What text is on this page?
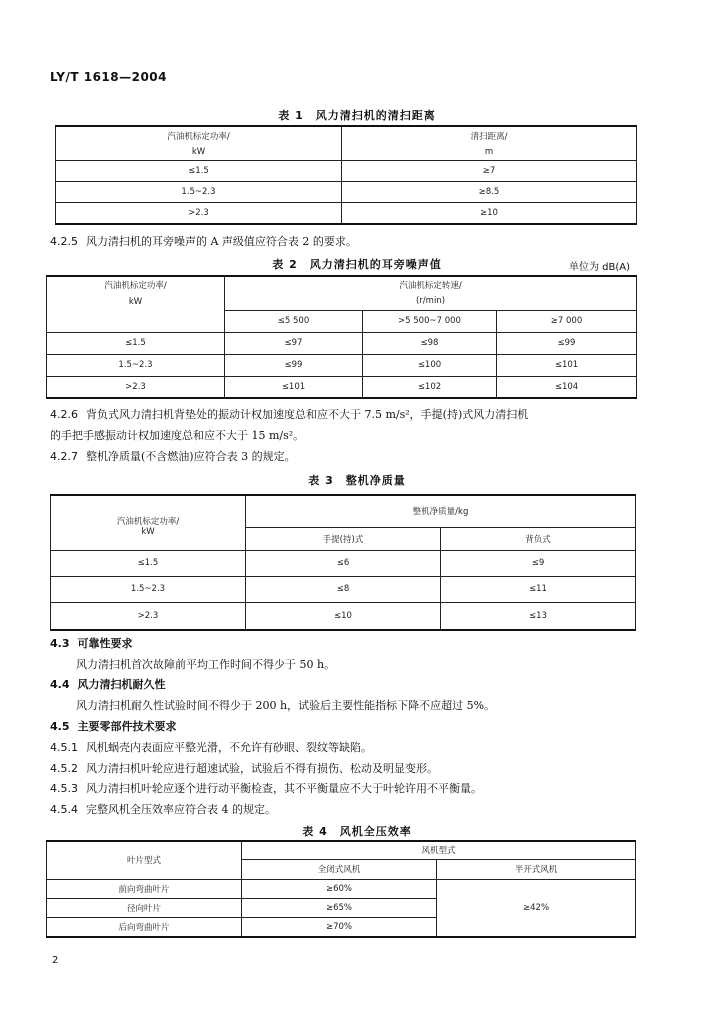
LY/T 1618—2004
表 1　风力清扫机的清扫距离
汽油机标定功率/	清扫距离/
kW	m
≤1.5	≥7
1.5~2.3	≥8.5
>2.3	≥10
4.2.5 风力清扫机的耳旁噪声的 A 声级值应符合表 2 的要求。
表 2　风力清扫机的耳旁噪声值	单位为 dB(A)
汽油机标定功率/	汽油机标定转速/		
kW	(r/min)		
	≤5 500	>5 500~7 000	≥7 000
≤1.5	≤97	≤98	≤99
1.5~2.3	≤99	≤100	≤101
>2.3	≤101	≤102	≤104
4.2.6 背负式风力清扫机背垫处的振动计权加速度总和应不大于 7.5 m/s²，手提(持)式风力清扫机
的手把手感振动计权加速度总和应不大于 15 m/s²。
4.2.7 整机净质量(不含燃油)应符合表 3 的规定。
表 3　整机净质量
汽油机标定功率/	整机净质量/kg	
kW	手提(持)式	背负式
≤1.5	≤6	≤9
1.5~2.3	≤8	≤11
>2.3	≤10	≤13
4.3 可靠性要求
风力清扫机首次故障前平均工作时间不得少于 50 h。
4.4 风力清扫机耐久性
风力清扫机耐久性试验时间不得少于 200 h，试验后主要性能指标下降不应超过 5%。
4.5 主要零部件技术要求
4.5.1 风机蜗壳内表面应平整光滑，不允许有砂眼、裂纹等缺陷。
4.5.2 风力清扫机叶轮应进行超速试验，试验后不得有损伤、松动及明显变形。
4.5.3 风力清扫机叶轮应逐个进行动平衡检查，其不平衡量应不大于叶轮许用不平衡量。
4.5.4 完整风机全压效率应符合表 4 的规定。
表 4　风机全压效率
叶片型式	风机型式	
	全闭式风机	半开式风机
前向弯曲叶片	≥60%	≥42%
径向叶片	≥65%	
后向弯曲叶片	≥70%	
2
